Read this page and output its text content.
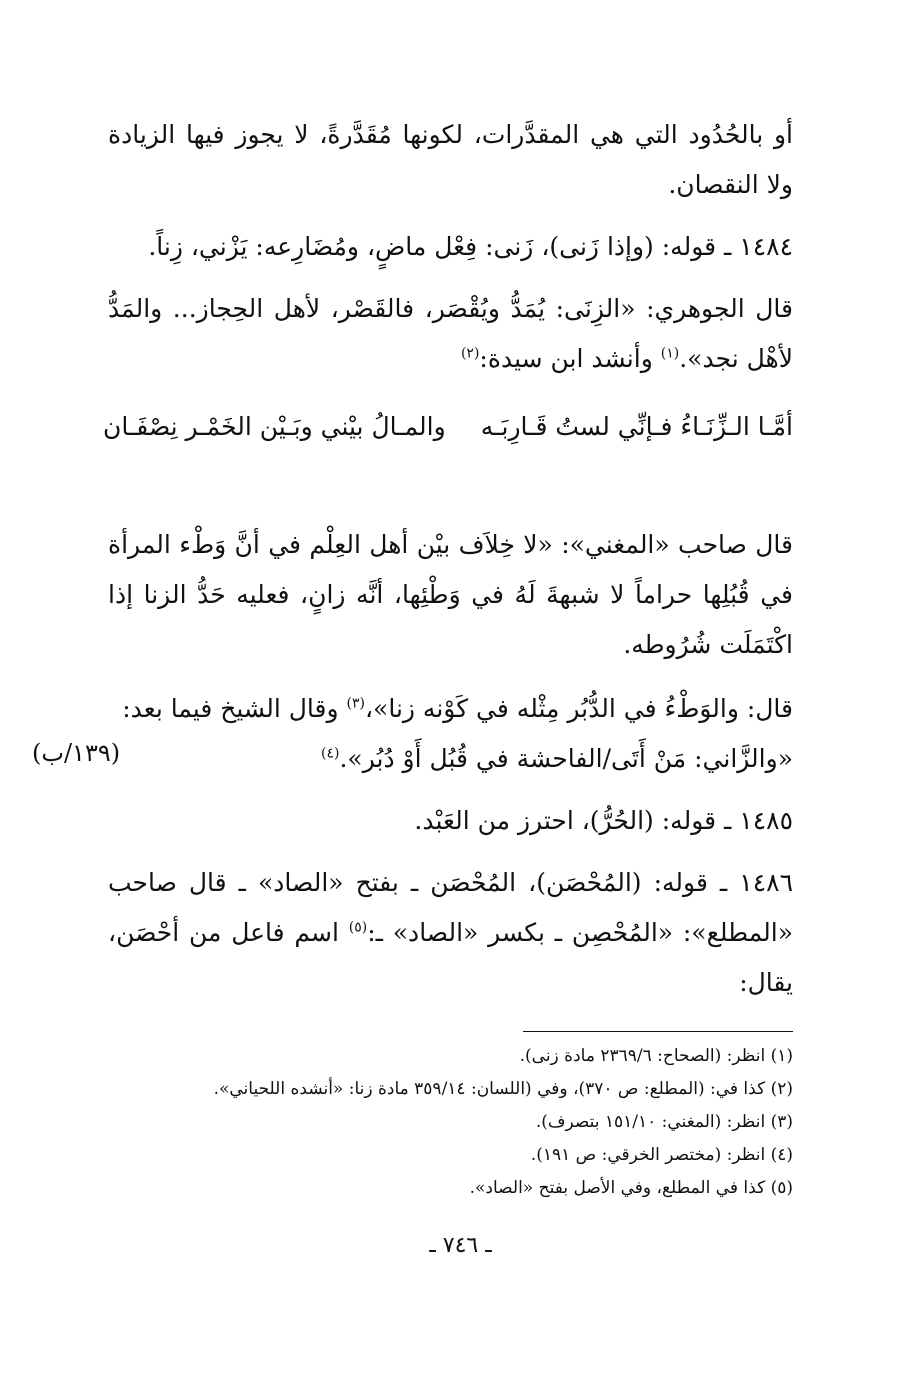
أو بالحُدُود التي هي المقدَّرات، لكونها مُقَدَّرةً، لا يجوز فيها الزيادة ولا النقصان.
١٤٨٤ ـ قوله: (وإذا زَنى)، زَنى: فِعْل ماضٍ، ومُضَارِعه: يَزْني، زِناً.
قال الجوهري: «الزِنَى: يُمَدُّ ويُقْصَر، فالقَصْر، لأهل الحِجاز... والمَدُّ لأهْل نجد».$^{(١)}$ وأنشد ابن سيدة:$^{(٢)}$
أمَّـا الـزِّنَـاءُ فـإنِّي لستُ قَـارِبَـه
والمـالُ بيْني وبَـيْن الخَمْـر نِصْفَـان
قال صاحب «المغني»: «لا خِلاَف بيْن أهل العِلْم في أنَّ وَطْء المرأة في قُبُلِها حراماً لا شبهةَ لَهُ في وَطْئِها، أنَّه زانٍ، فعليه حَدُّ الزنا إذا اكْتَمَلَت شُرُوطه.
قال: والوَطْءُ في الدُّبُر مِثْله في كَوْنه زنا»،$^{(٣)}$ وقال الشيخ فيما بعد:
«والزَّاني: مَنْ أَتَى/الفاحشة في قُبُل أَوْ دُبُر».$^{(٤)}$
(١٣٩/ب)
١٤٨٥ ـ قوله: (الحُرُّ)، احترز من العَبْد.
١٤٨٦ ـ قوله: (المُحْصَن)، المُحْصَن ـ بفتح «الصاد» ـ قال صاحب «المطلع»: «المُحْصِن ـ بكسر «الصاد» ـ:$^{(٥)}$ اسم فاعل من أحْصَن، يقال:
(١) انظر: (الصحاح: ٢٣٦٩/٦ مادة زنى).
(٢) كذا في: (المطلع: ص ٣٧٠)، وفي (اللسان: ٣٥٩/١٤ مادة زنا: «أنشده اللحياني».
(٣) انظر: (المغني: ١٥١/١٠ بتصرف).
(٤) انظر: (مختصر الخرقي: ص ١٩١).
(٥) كذا في المطلع، وفي الأصل بفتح «الصاد».
ـ ٧٤٦ ـ
